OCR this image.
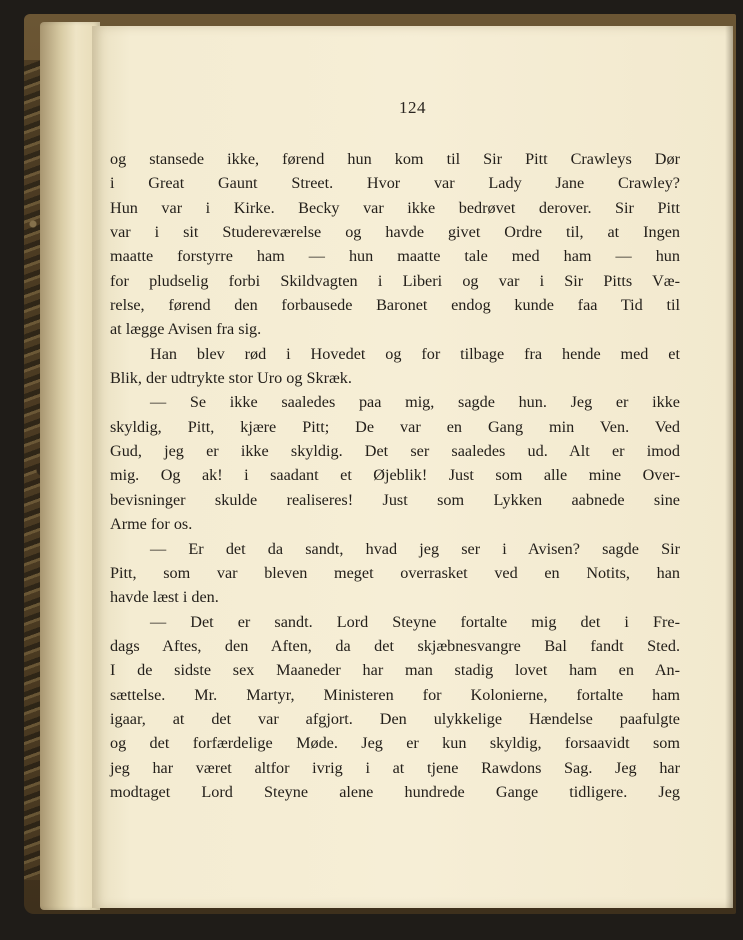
124
og stansede ikke, førend hun kom til Sir Pitt Crawleys Dør
i Great Gaunt Street. Hvor var Lady Jane Crawley?
Hun var i Kirke. Becky var ikke bedrøvet derover. Sir Pitt
var i sit Studereværelse og havde givet Ordre til, at Ingen
maatte forstyrre ham — hun maatte tale med ham — hun
for pludselig forbi Skildvagten i Liberi og var i Sir Pitts Væ-
relse, førend den forbausede Baronet endog kunde faa Tid til
at lægge Avisen fra sig.
Han blev rød i Hovedet og for tilbage fra hende med et
Blik, der udtrykte stor Uro og Skræk.
— Se ikke saaledes paa mig, sagde hun. Jeg er ikke
skyldig, Pitt, kjære Pitt; De var en Gang min Ven. Ved
Gud, jeg er ikke skyldig. Det ser saaledes ud. Alt er imod
mig. Og ak! i saadant et Øjeblik! Just som alle mine Over-
bevisninger skulde realiseres! Just som Lykken aabnede sine
Arme for os.
— Er det da sandt, hvad jeg ser i Avisen? sagde Sir
Pitt, som var bleven meget overrasket ved en Notits, han
havde læst i den.
— Det er sandt. Lord Steyne fortalte mig det i Fre-
dags Aftes, den Aften, da det skjæbnesvangre Bal fandt Sted.
I de sidste sex Maaneder har man stadig lovet ham en An-
sættelse. Mr. Martyr, Ministeren for Kolonierne, fortalte ham
igaar, at det var afgjort. Den ulykkelige Hændelse paafulgte
og det forfærdelige Møde. Jeg er kun skyldig, forsaavidt som
jeg har været altfor ivrig i at tjene Rawdons Sag. Jeg har
modtaget Lord Steyne alene hundrede Gange tidligere. Jeg
